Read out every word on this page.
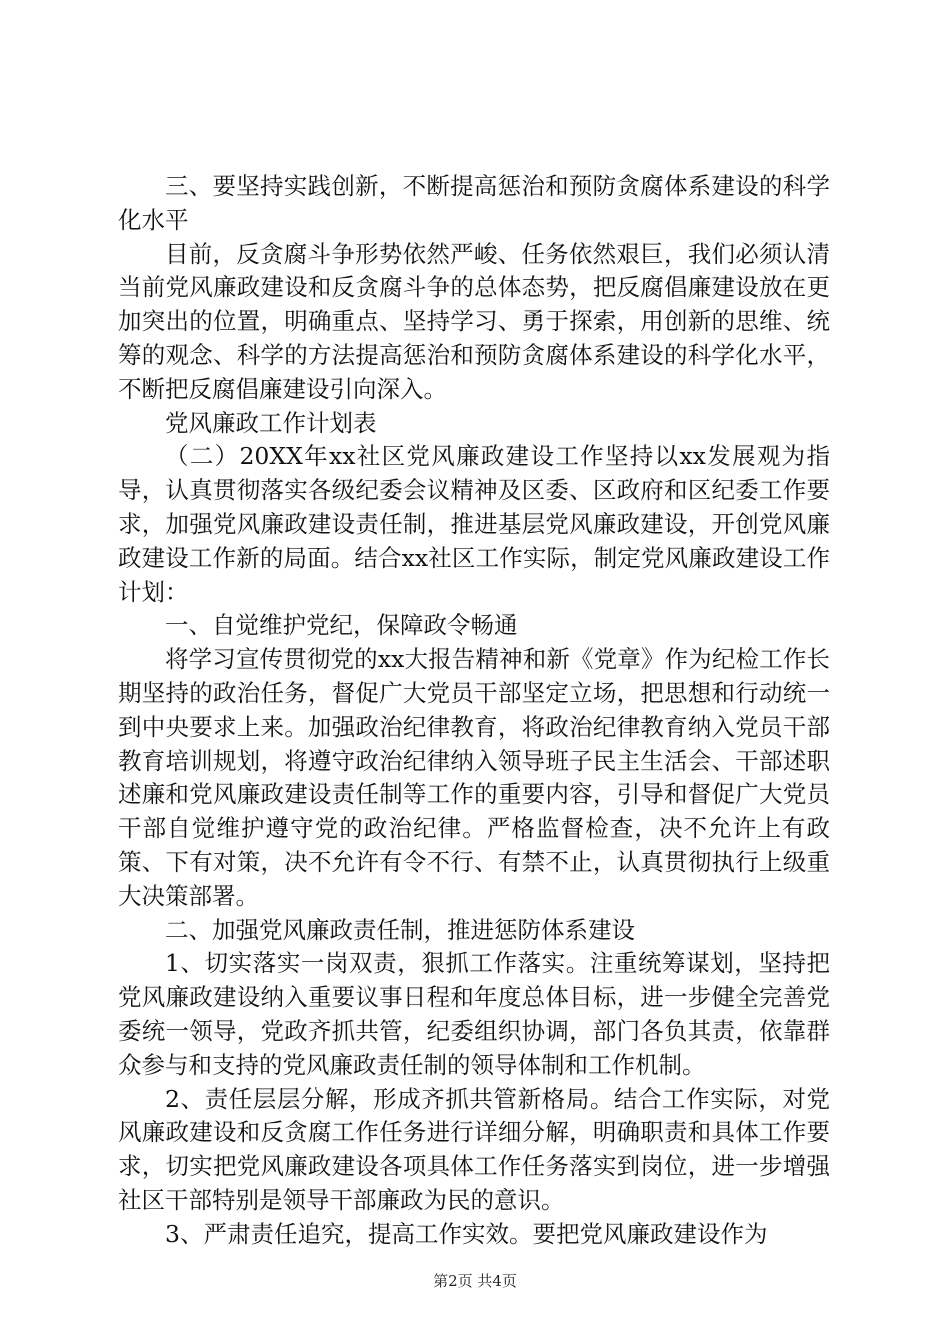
三、要坚持实践创新，不断提高惩治和预防贪腐体系建设的科学化水平

目前，反贪腐斗争形势依然严峻、任务依然艰巨，我们必须认清当前党风廉政建设和反贪腐斗争的总体态势，把反腐倡廉建设放在更加突出的位置，明确重点、坚持学习、勇于探索，用创新的思维、统筹的观念、科学的方法提高惩治和预防贪腐体系建设的科学化水平，不断把反腐倡廉建设引向深入。

党风廉政工作计划表

（二）20XX年xx社区党风廉政建设工作坚持以xx发展观为指导，认真贯彻落实各级纪委会议精神及区委、区政府和区纪委工作要求，加强党风廉政建设责任制，推进基层党风廉政建设，开创党风廉政建设工作新的局面。结合xx社区工作实际，制定党风廉政建设工作计划：

一、自觉维护党纪，保障政令畅通

将学习宣传贯彻党的xx大报告精神和新《党章》作为纪检工作长期坚持的政治任务，督促广大党员干部坚定立场，把思想和行动统一到中央要求上来。加强政治纪律教育，将政治纪律教育纳入党员干部教育培训规划，将遵守政治纪律纳入领导班子民主生活会、干部述职述廉和党风廉政建设责任制等工作的重要内容，引导和督促广大党员干部自觉维护遵守党的政治纪律。严格监督检查，决不允许上有政策、下有对策，决不允许有令不行、有禁不止，认真贯彻执行上级重大决策部署。

二、加强党风廉政责任制，推进惩防体系建设

1、切实落实一岗双责，狠抓工作落实。注重统筹谋划，坚持把党风廉政建设纳入重要议事日程和年度总体目标，进一步健全完善党委统一领导，党政齐抓共管，纪委组织协调，部门各负其责，依靠群众参与和支持的党风廉政责任制的领导体制和工作机制。

2、责任层层分解，形成齐抓共管新格局。结合工作实际，对党风廉政建设和反贪腐工作任务进行详细分解，明确职责和具体工作要求，切实把党风廉政建设各项具体工作任务落实到岗位，进一步增强社区干部特别是领导干部廉政为民的意识。

3、严肃责任追究，提高工作实效。要把党风廉政建设作为

第2页 共4页
